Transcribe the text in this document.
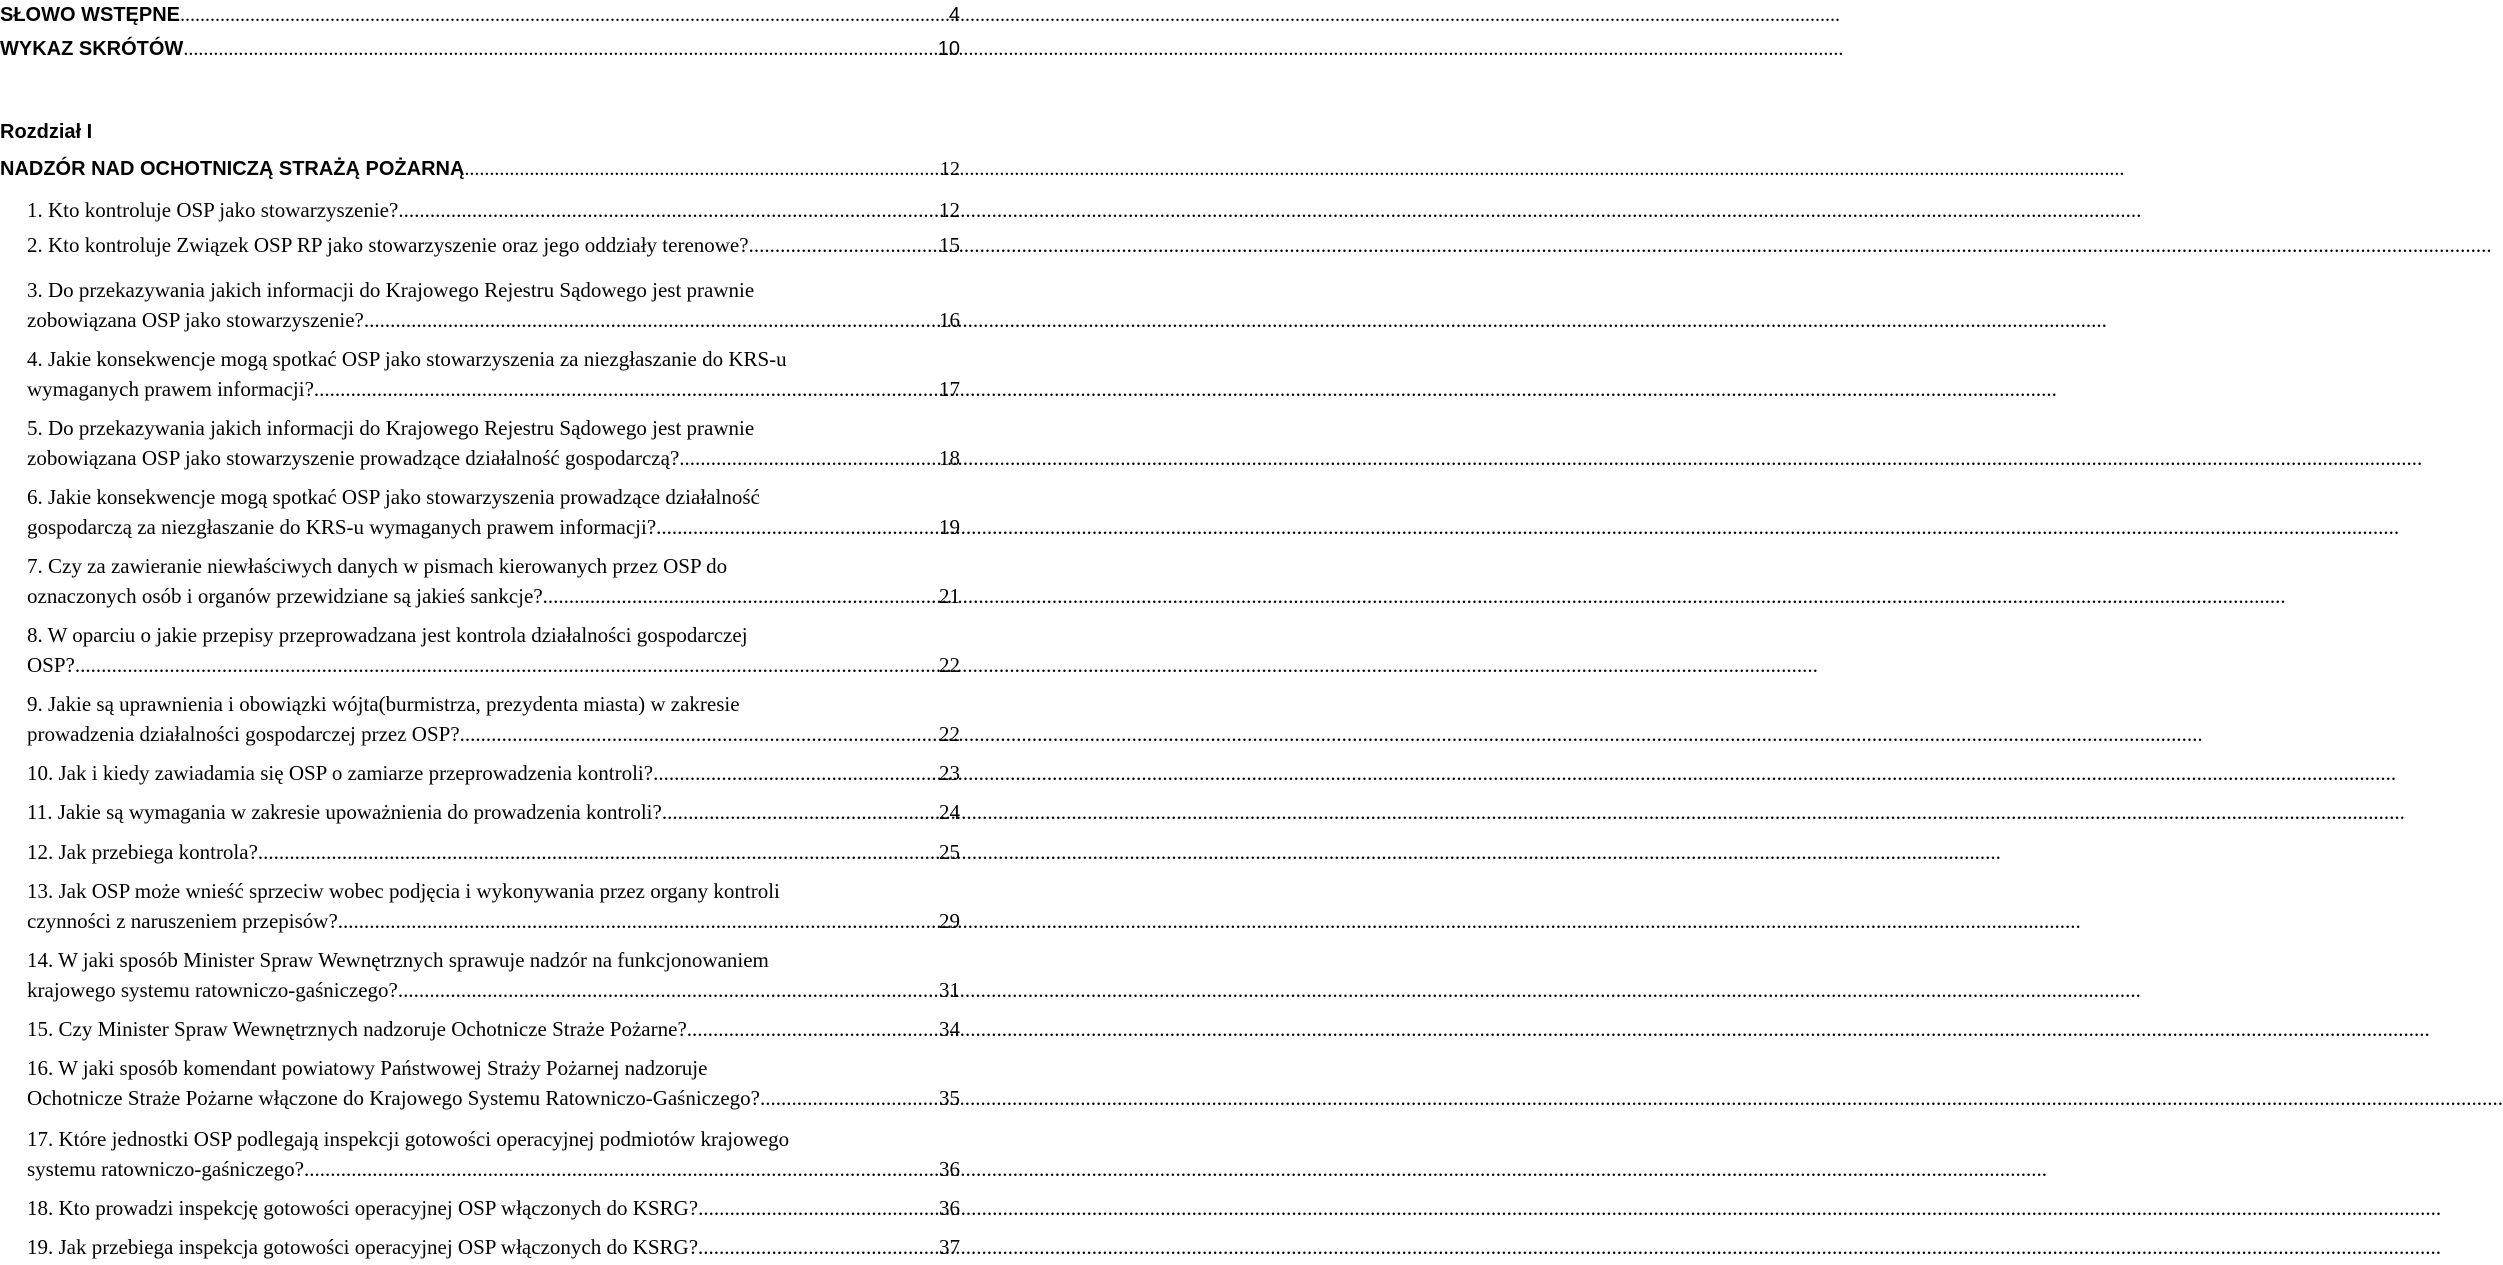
SŁOWO WSTĘPNE .....	4
WYKAZ SKRÓTÓW .....	10
Rozdział I
NADZÓR NAD OCHOTNICZĄ STRAŻĄ POŻARNĄ .....	12
1. Kto kontroluje OSP jako stowarzyszenie? .....	12
2. Kto kontroluje Związek OSP RP jako stowarzyszenie oraz jego oddziały terenowe? .....	15
3. Do przekazywania jakich informacji do Krajowego Rejestru Sądowego jest prawnie
zobowiązana OSP jako stowarzyszenie? .....	16
4. Jakie konsekwencje mogą spotkać OSP jako stowarzyszenia za niezgłaszanie do KRS-u
wymaganych prawem informacji? .....	17
5. Do przekazywania jakich informacji do Krajowego Rejestru Sądowego jest prawnie
zobowiązana OSP jako stowarzyszenie prowadzące działalność gospodarczą? .....	18
6. Jakie konsekwencje mogą spotkać OSP jako stowarzyszenia prowadzące działalność
gospodarczą za niezgłaszanie do KRS-u wymaganych prawem informacji? .....	19
7. Czy za zawieranie niewłaściwych danych w pismach kierowanych przez OSP do
oznaczonych osób i organów przewidziane są jakieś sankcje? .....	21
8. W oparciu o jakie przepisy przeprowadzana jest kontrola działalności gospodarczej
OSP? .....	22
9. Jakie są uprawnienia i obowiązki wójta(burmistrza, prezydenta miasta) w zakresie
prowadzenia działalności gospodarczej przez OSP? .....	22
10. Jak i kiedy zawiadamia się OSP o zamiarze przeprowadzenia kontroli? .....	23
11. Jakie są wymagania w zakresie upoważnienia do prowadzenia kontroli? .....	24
12. Jak przebiega kontrola? .....	25
13. Jak OSP może wnieść sprzeciw wobec podjęcia i wykonywania przez organy kontroli
czynności z naruszeniem przepisów? .....	29
14. W jaki sposób Minister Spraw Wewnętrznych sprawuje nadzór na funkcjonowaniem
krajowego systemu ratowniczo-gaśniczego? .....	31
15. Czy Minister Spraw Wewnętrznych nadzoruje Ochotnicze Straże Pożarne? .....	34
16. W jaki sposób komendant powiatowy Państwowej Straży Pożarnej nadzoruje
Ochotnicze Straże Pożarne włączone do Krajowego Systemu Ratowniczo-Gaśniczego? .....	35
17. Które jednostki OSP podlegają inspekcji gotowości operacyjnej podmiotów krajowego
systemu ratowniczo-gaśniczego? .....	36
18. Kto prowadzi inspekcję gotowości operacyjnej OSP włączonych do KSRG? .....	36
19. Jak przebiega inspekcja gotowości operacyjnej OSP włączonych do KSRG? .....	37
